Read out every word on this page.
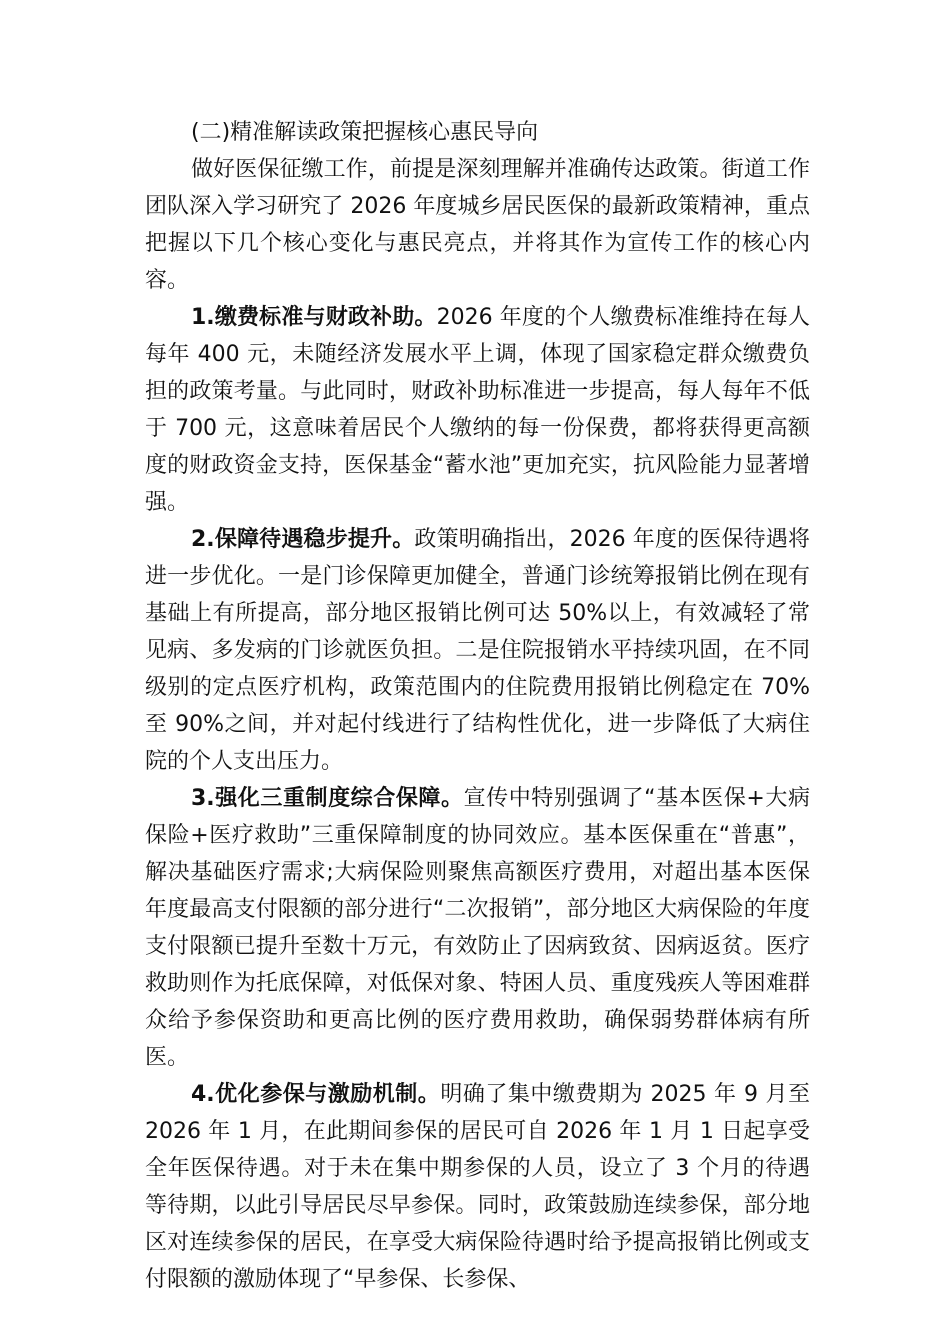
(二)精准解读政策把握核心惠民导向

做好医保征缴工作，前提是深刻理解并准确传达政策。街道工作团队深入学习研究了 2026 年度城乡居民医保的最新政策精神，重点把握以下几个核心变化与惠民亮点，并将其作为宣传工作的核心内容。

1.缴费标准与财政补助。2026 年度的个人缴费标准维持在每人每年 400 元，未随经济发展水平上调，体现了国家稳定群众缴费负担的政策考量。与此同时，财政补助标准进一步提高，每人每年不低于 700 元，这意味着居民个人缴纳的每一份保费，都将获得更高额度的财政资金支持，医保基金“蓄水池”更加充实，抗风险能力显著增强。

2.保障待遇稳步提升。政策明确指出，2026 年度的医保待遇将进一步优化。一是门诊保障更加健全，普通门诊统筹报销比例在现有基础上有所提高，部分地区报销比例可达 50%以上，有效减轻了常见病、多发病的门诊就医负担。二是住院报销水平持续巩固，在不同级别的定点医疗机构，政策范围内的住院费用报销比例稳定在 70%至 90%之间，并对起付线进行了结构性优化，进一步降低了大病住院的个人支出压力。

3.强化三重制度综合保障。宣传中特别强调了“基本医保+大病保险+医疗救助”三重保障制度的协同效应。基本医保重在“普惠”，解决基础医疗需求;大病保险则聚焦高额医疗费用，对超出基本医保年度最高支付限额的部分进行“二次报销”，部分地区大病保险的年度支付限额已提升至数十万元，有效防止了因病致贫、因病返贫。医疗救助则作为托底保障，对低保对象、特困人员、重度残疾人等困难群众给予参保资助和更高比例的医疗费用救助，确保弱势群体病有所医。

4.优化参保与激励机制。明确了集中缴费期为 2025 年 9 月至 2026 年 1 月，在此期间参保的居民可自 2026 年 1 月 1 日起享受全年医保待遇。对于未在集中期参保的人员，设立了 3 个月的待遇等待期，以此引导居民尽早参保。同时，政策鼓励连续参保，部分地区对连续参保的居民，在享受大病保险待遇时给予提高报销比例或支付限额的激励体现了“早参保、长参保、
